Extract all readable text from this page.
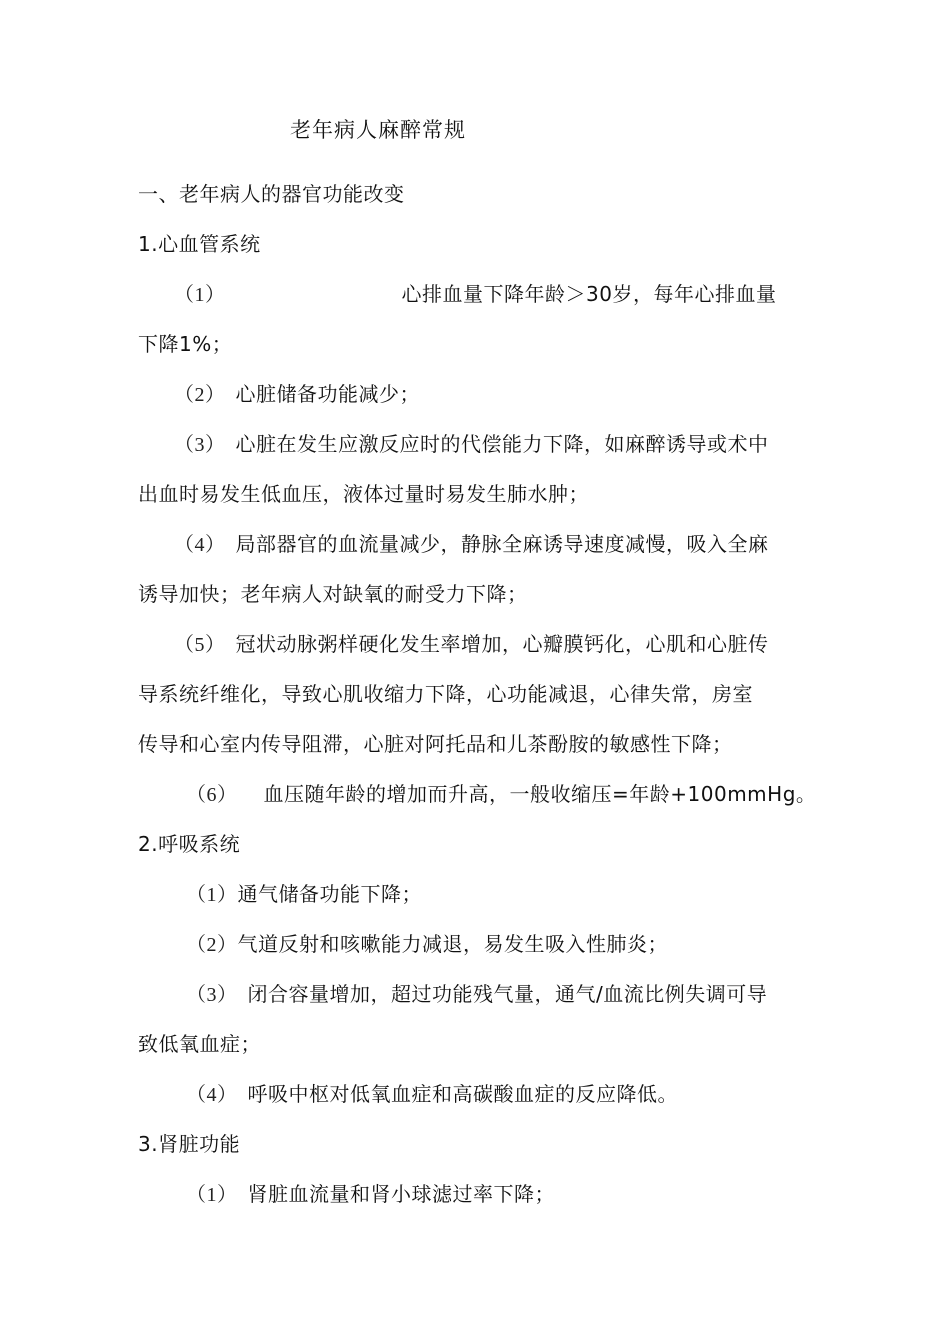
老年病人麻醉常规
一、老年病人的器官功能改变
1.心血管系统
（1）	心排血量下降年龄＞30岁，每年心排血量
下降1%；
（2） 心脏储备功能减少；
（3） 心脏在发生应激反应时的代偿能力下降，如麻醉诱导或术中
出血时易发生低血压，液体过量时易发生肺水肿；
（4） 局部器官的血流量减少，静脉全麻诱导速度减慢，吸入全麻
诱导加快；老年病人对缺氧的耐受力下降；
（5） 冠状动脉粥样硬化发生率增加，心瓣膜钙化，心肌和心脏传
导系统纤维化，导致心肌收缩力下降，心功能减退，心律失常，房室
传导和心室内传导阻滞，心脏对阿托品和儿茶酚胺的敏感性下降；
（6） 血压随年龄的增加而升高，一般收缩压=年龄+100mmHg。
2.呼吸系统
（1）通气储备功能下降；
（2）气道反射和咳嗽能力减退，易发生吸入性肺炎；
（3） 闭合容量增加，超过功能残气量，通气/血流比例失调可导
致低氧血症；
（4） 呼吸中枢对低氧血症和高碳酸血症的反应降低。
3.肾脏功能
（1） 肾脏血流量和肾小球滤过率下降；
